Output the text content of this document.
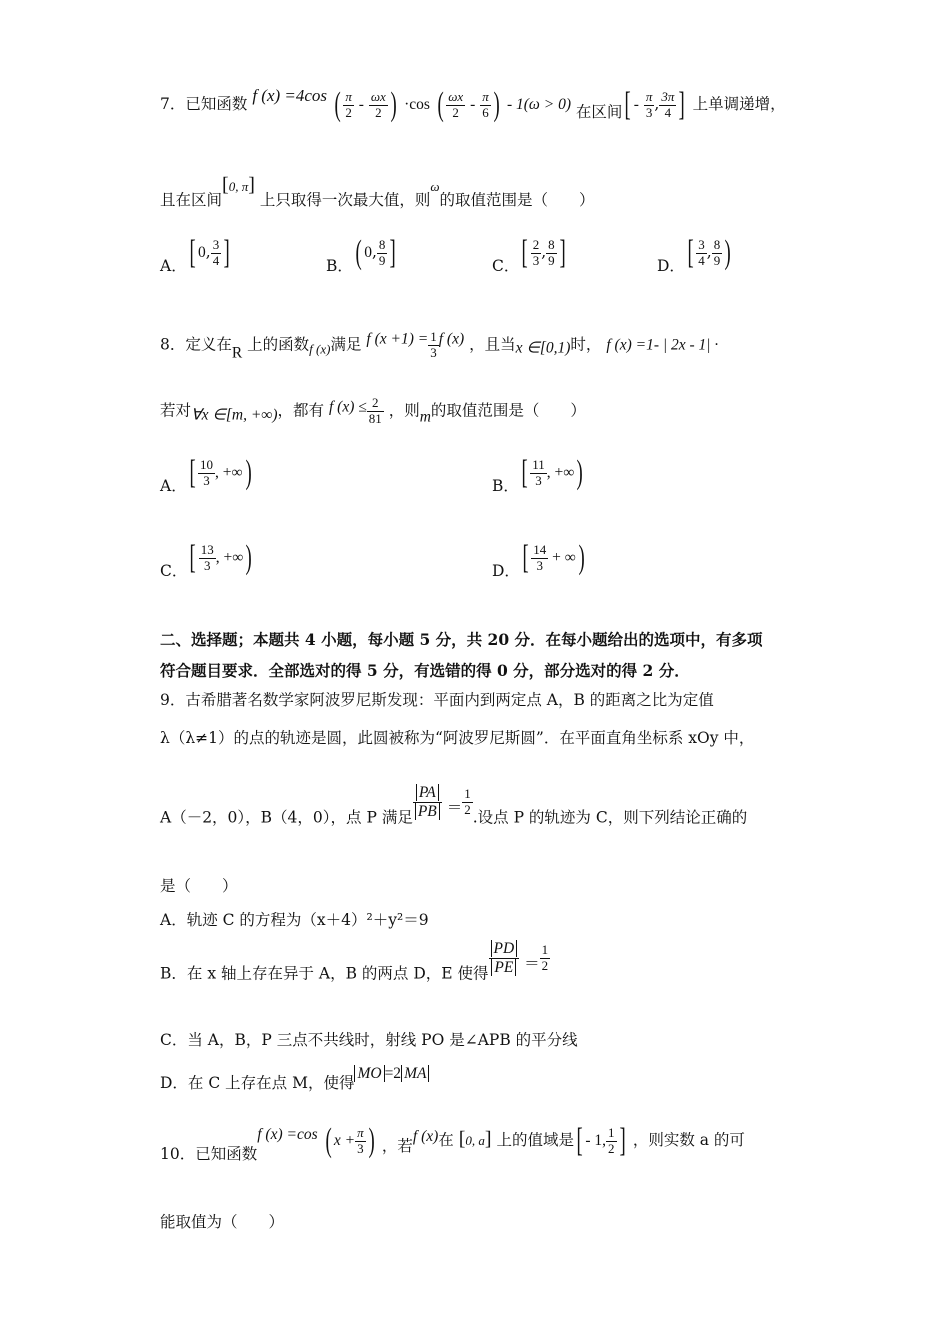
7．已知函数 f (x) =4cos ( $\frac{\pi}{2} - \frac{\omega x}{2}$ ) ·cos ( $\frac{\omega x}{2} - \frac{\pi}{6}$ ) - 1(ω > 0) 在区间[ - $\frac{\pi}{3}$ , $\frac{3\pi}{4}$ ] 上单调递增，
且在区间[0, π] 上只取得一次最大值，则ω的取值范围是（　　）
A．[ 0, $\frac{3}{4}$ ]	B．( 0, $\frac{8}{9}$ ]	C．[ $\frac{2}{3}$ , $\frac{8}{9}$ ]	D．[ $\frac{3}{4}$ , $\frac{8}{9}$ )
8．定义在R 上的函数$_{f (x)}$满足 f $(x +1) = \frac{1}{3}$ f (x) ，且当x ∈[0,1)时， f (x) =1- | 2x - 1| ·
若对∀x ∈[m, +∞)，都有 f $(x) \le \frac{2}{81}$ ，则m的取值范围是（　　）
A．[ $\frac{10}{3}$ , +∞)	B．[ $\frac{11}{3}$ , +∞)
C．[ $\frac{13}{3}$ , +∞)	D．[ $\frac{14}{3}$ + ∞)
二、选择题；本题共 4 小题，每小题 5 分，共 20 分．在每小题给出的选项中，有多项
符合题目要求．全部选对的得 5 分，有选错的得 0 分，部分选对的得 2 分．
9．古希腊著名数学家阿波罗尼斯发现：平面内到两定点 A，B 的距离之比为定值
λ（λ≠1）的点的轨迹是圆，此圆被称为“阿波罗尼斯圆”．在平面直角坐标系 xOy 中，
A（－2，0），B（4，0），点 P 满足 $\frac{PA}{PB} = \frac{1}{2}$ .设点 P 的轨迹为 C，则下列结论正确的
是（　　）
A．轨迹 C 的方程为（x＋4）²＋y²＝9
B．在 x 轴上存在异于 A，B 的两点 D，E 使得 $\frac{PD}{PE} = \frac{1}{2}$
C．当 A，B，P 三点不共线时，射线 PO 是∠APB 的平分线
D．在 C 上存在点 M，使得MO =2 MA
10．已知函数f (x) =cos ( $x + \frac{\pi}{3}$ ) ，若f (x)在 [0, a] 上的值域是[ - 1, $\frac{1}{2}$ ] ，则实数 a 的可
能取值为（　　）
